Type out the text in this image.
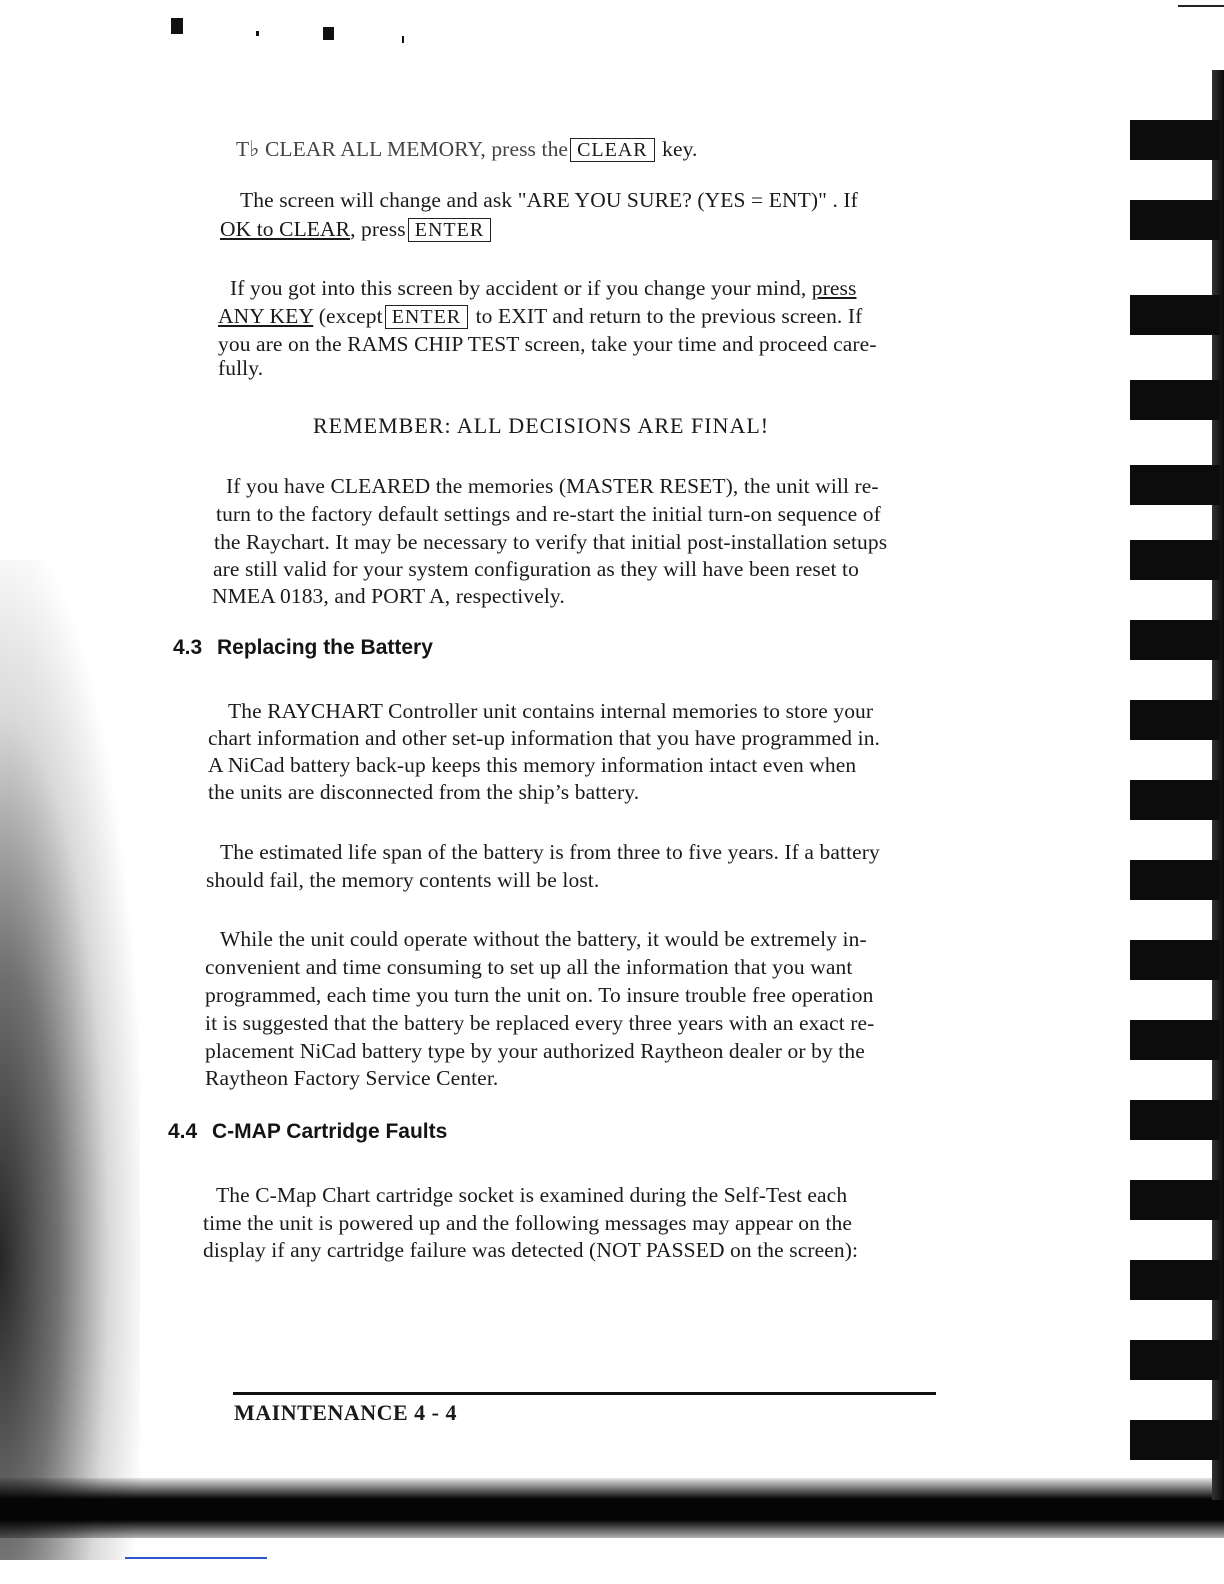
T♭ CLEAR ALL MEMORY, press the CLEAR key.
The screen will change and ask "ARE YOU SURE? (YES = ENT)" . If
OK to CLEAR, press ENTER
If you got into this screen by accident or if you change your mind, press
ANY KEY (except ENTER to EXIT and return to the previous screen. If
you are on the RAMS CHIP TEST screen, take your time and proceed care-
fully.
REMEMBER: ALL DECISIONS ARE FINAL!
If you have CLEARED the memories (MASTER RESET), the unit will re-
turn to the factory default settings and re-start the initial turn-on sequence of
the Raychart. It may be necessary to verify that initial post-installation setups
are still valid for your system configuration as they will have been reset to
NMEA 0183, and PORT A, respectively.
4.3 Replacing the Battery
The RAYCHART Controller unit contains internal memories to store your
chart information and other set-up information that you have programmed in.
A NiCad battery back-up keeps this memory information intact even when
the units are disconnected from the ship’s battery.
The estimated life span of the battery is from three to five years. If a battery
should fail, the memory contents will be lost.
While the unit could operate without the battery, it would be extremely in-
convenient and time consuming to set up all the information that you want
programmed, each time you turn the unit on. To insure trouble free operation
it is suggested that the battery be replaced every three years with an exact re-
placement NiCad battery type by your authorized Raytheon dealer or by the
Raytheon Factory Service Center.
4.4 C-MAP Cartridge Faults
The C-Map Chart cartridge socket is examined during the Self-Test each
time the unit is powered up and the following messages may appear on the
display if any cartridge failure was detected (NOT PASSED on the screen):
MAINTENANCE 4 - 4
